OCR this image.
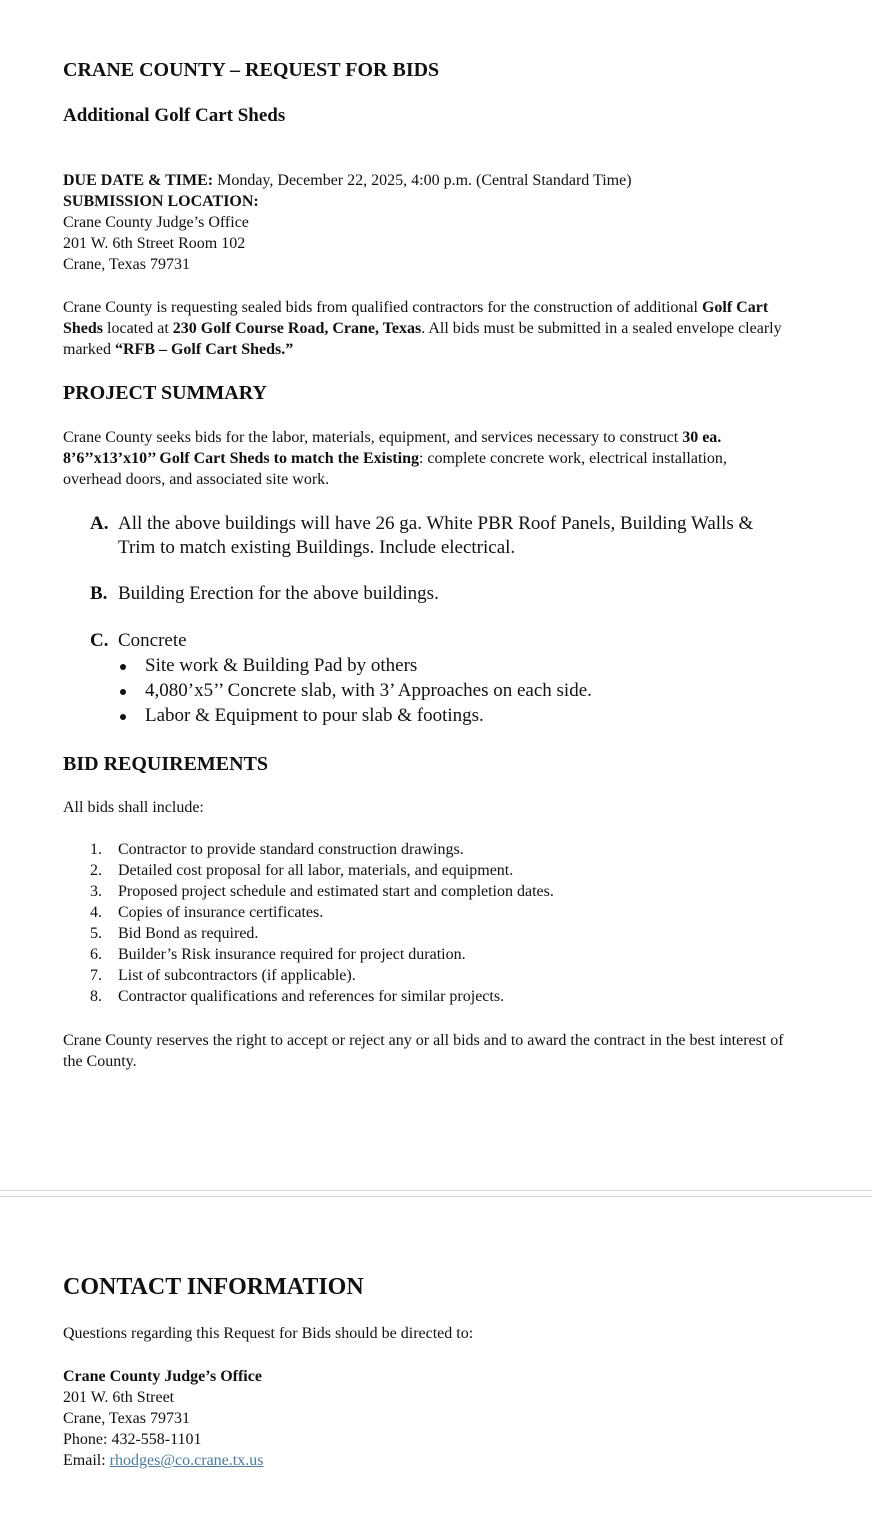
CRANE COUNTY – REQUEST FOR BIDS
Additional Golf Cart Sheds

DUE DATE & TIME: Monday, December 22, 2025, 4:00 p.m. (Central Standard Time)

SUBMISSION LOCATION:

Crane County Judge’s Office

201 W. 6th Street Room 102

Crane, Texas 79731

Crane County is requesting sealed bids from qualified contractors for the construction of additional Golf Cart Sheds located at 230 Golf Course Road, Crane, Texas. All bids must be submitted in a sealed envelope clearly marked “RFB – Golf Cart Sheds.”

PROJECT SUMMARY

Crane County seeks bids for the labor, materials, equipment, and services necessary to construct 30 ea. 8’6’’x13’x10’’ Golf Cart Sheds to match the Existing: complete concrete work, electrical installation, overhead doors, and associated site work.

A. All the above buildings will have 26 ga. White PBR Roof Panels, Building Walls & Trim to match existing Buildings. Include electrical.
B. Building Erection for the above buildings.
C. Concrete
Site work & Building Pad by others
4,080’x5’’ Concrete slab, with 3’ Approaches on each side.
Labor & Equipment to pour slab & footings.
BID REQUIREMENTS

All bids shall include:

1. Contractor to provide standard construction drawings.
2. Detailed cost proposal for all labor, materials, and equipment.
3. Proposed project schedule and estimated start and completion dates.
4. Copies of insurance certificates.
5. Bid Bond as required.
6. Builder’s Risk insurance required for project duration.
7. List of subcontractors (if applicable).
8. Contractor qualifications and references for similar projects.

Crane County reserves the right to accept or reject any or all bids and to award the contract in the best interest of the County.

CONTACT INFORMATION

Questions regarding this Request for Bids should be directed to:

Crane County Judge’s Office

201 W. 6th Street

Crane, Texas 79731

Phone: 432-558-1101

Email: rhodges@co.crane.tx.us
